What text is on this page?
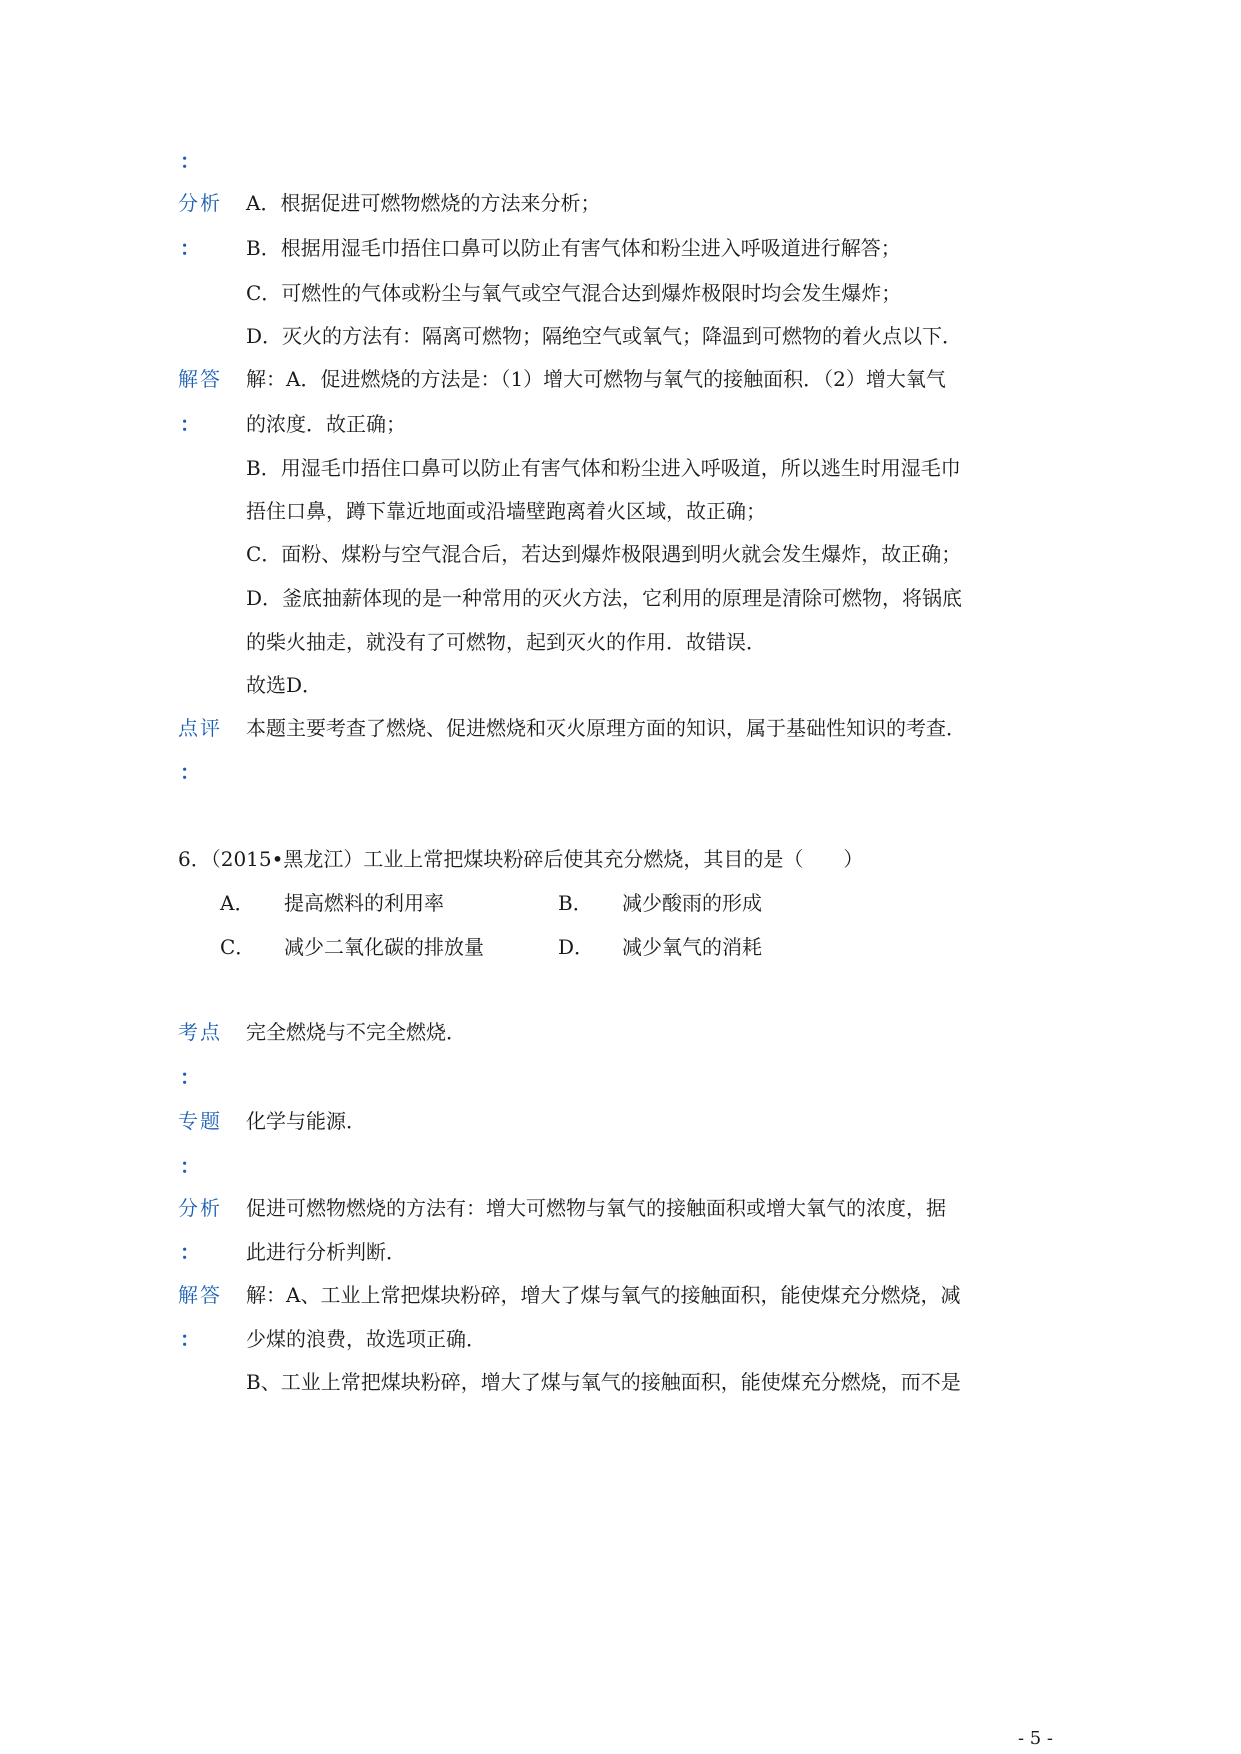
：
分析 A．根据促进可燃物燃烧的方法来分析；
： B．根据用湿毛巾捂住口鼻可以防止有害气体和粉尘进入呼吸道进行解答；
C．可燃性的气体或粉尘与氧气或空气混合达到爆炸极限时均会发生爆炸；
D．灭火的方法有：隔离可燃物；隔绝空气或氧气；降温到可燃物的着火点以下．
解答 解：A．促进燃烧的方法是：（1）增大可燃物与氧气的接触面积．（2）增大氧气
： 的浓度．故正确；
B．用湿毛巾捂住口鼻可以防止有害气体和粉尘进入呼吸道，所以逃生时用湿毛巾
捂住口鼻，蹲下靠近地面或沿墙壁跑离着火区域，故正确；
C．面粉、煤粉与空气混合后，若达到爆炸极限遇到明火就会发生爆炸，故正确；
D．釜底抽薪体现的是一种常用的灭火方法，它利用的原理是清除可燃物，将锅底
的柴火抽走，就没有了可燃物，起到灭火的作用．故错误．
故选D．
点评 本题主要考查了燃烧、促进燃烧和灭火原理方面的知识，属于基础性知识的考查．
：
6．（2015•黑龙江）工业上常把煤块粉碎后使其充分燃烧，其目的是（　　）
A． 提高燃料的利用率	B． 减少酸雨的形成
C． 减少二氧化碳的排放量	D． 减少氧气的消耗
考点 完全燃烧与不完全燃烧．
：
专题 化学与能源．
：
分析 促进可燃物燃烧的方法有：增大可燃物与氧气的接触面积或增大氧气的浓度，据
： 此进行分析判断．
解答 解：A、工业上常把煤块粉碎，增大了煤与氧气的接触面积，能使煤充分燃烧，减
： 少煤的浪费，故选项正确．
B、工业上常把煤块粉碎，增大了煤与氧气的接触面积，能使煤充分燃烧，而不是
- 5 -
